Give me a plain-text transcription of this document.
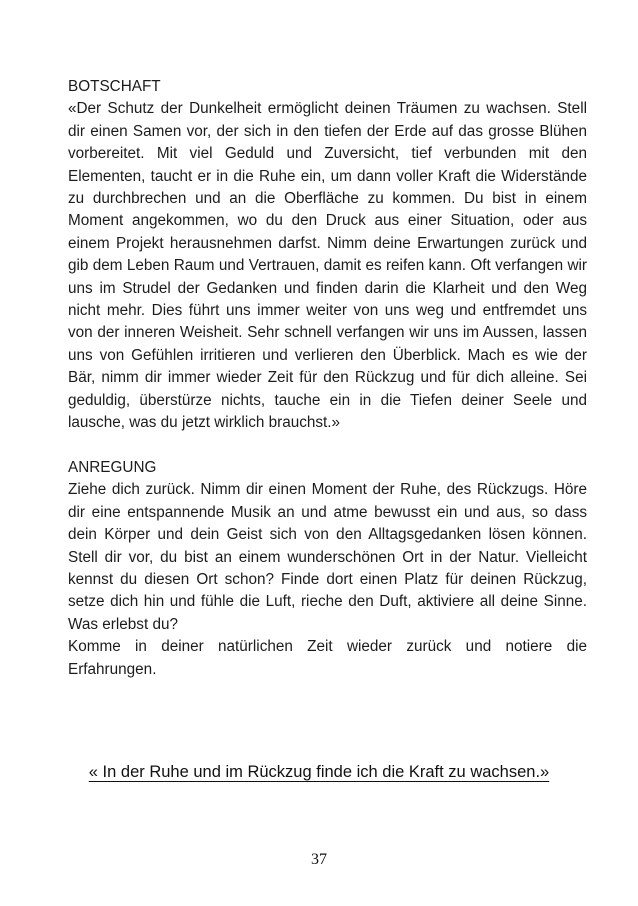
BOTSCHAFT

«Der Schutz der Dunkelheit ermöglicht deinen Träumen zu wachsen. Stell dir einen Samen vor, der sich in den tiefen der Erde auf das grosse Blühen vorbereitet. Mit viel Geduld und Zuversicht, tief verbunden mit den Elementen, taucht er in die Ruhe ein, um dann voller Kraft die Widerstände zu durchbrechen und an die Oberfläche zu kommen. Du bist in einem Moment angekommen, wo du den Druck aus einer Situation, oder aus einem Projekt herausnehmen darfst. Nimm deine Erwartungen zurück und gib dem Leben Raum und Vertrauen, damit es reifen kann. Oft verfangen wir uns im Strudel der Gedanken und finden darin die Klarheit und den Weg nicht mehr. Dies führt uns immer weiter von uns weg und entfremdet uns von der inneren Weisheit. Sehr schnell verfangen wir uns im Aussen, lassen uns von Gefühlen irritieren und verlieren den Überblick. Mach es wie der Bär, nimm dir immer wieder Zeit für den Rückzug und für dich alleine. Sei geduldig, überstürze nichts, tauche ein in die Tiefen deiner Seele und lausche, was du jetzt wirklich brauchst.»

ANREGUNG

Ziehe dich zurück. Nimm dir einen Moment der Ruhe, des Rückzugs. Höre dir eine entspannende Musik an und atme bewusst ein und aus, so dass dein Körper und dein Geist sich von den Alltagsgedanken lösen können. Stell dir vor, du bist an einem wunderschönen Ort in der Natur. Vielleicht kennst du diesen Ort schon? Finde dort einen Platz für deinen Rückzug, setze dich hin und fühle die Luft, rieche den Duft, aktiviere all deine Sinne. Was erlebst du?

Komme in deiner natürlichen Zeit wieder zurück und notiere die Erfahrungen.

« In der Ruhe und im Rückzug finde ich die Kraft zu wachsen.»
37
